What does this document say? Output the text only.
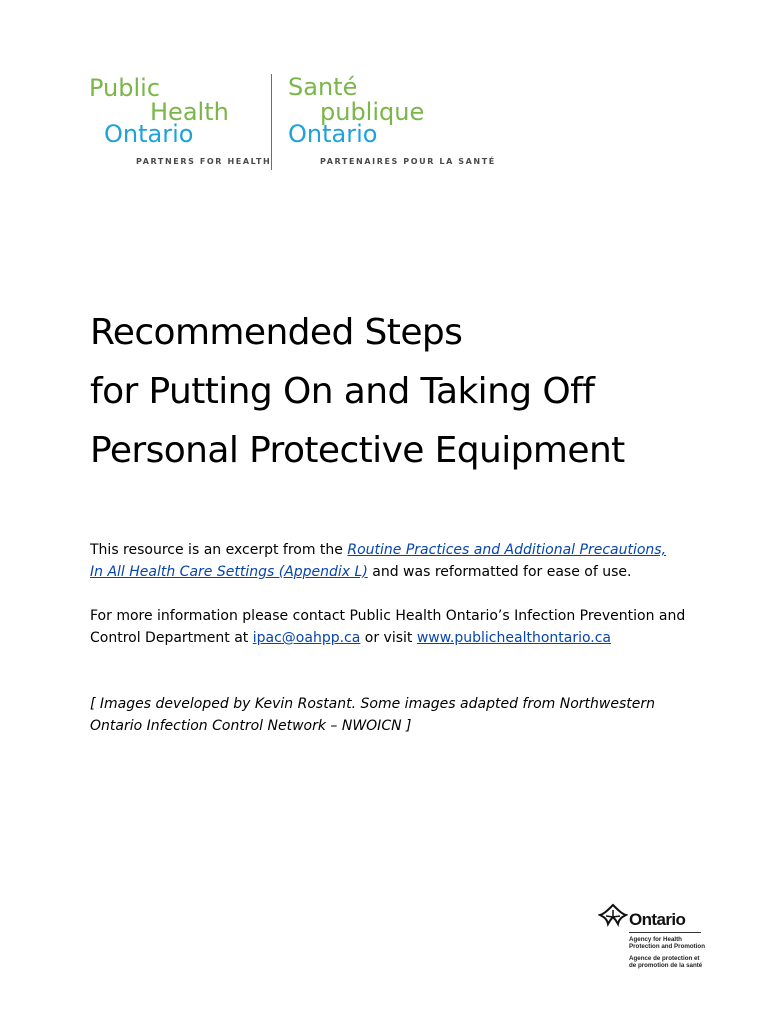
Public
Health
Ontario
Santé
publique
Ontario
PARTNERS FOR HEALTH	PARTENAIRES POUR LA SANTÉ
Recommended Steps
for Putting On and Taking Off
Personal Protective Equipment

This resource is an excerpt from the Routine Practices and Additional Precautions,
In All Health Care Settings (Appendix L) and was reformatted for ease of use.

For more information please contact Public Health Ontario’s Infection Prevention and Control Department at ipac@oahpp.ca or visit www.publichealthontario.ca

[ Images developed by Kevin Rostant. Some images adapted from Northwestern Ontario Infection Control Network – NWOICN ]

Ontario
Agency for Health
Protection and Promotion
Agence de protection et
de promotion de la santé
